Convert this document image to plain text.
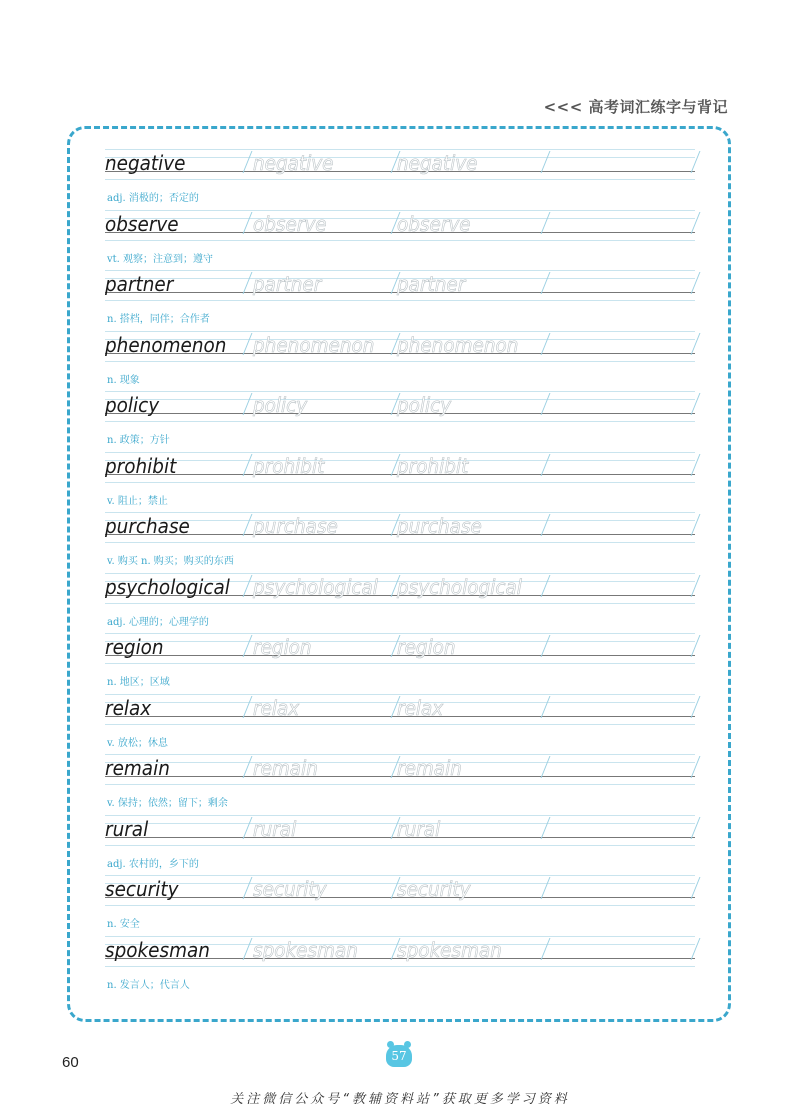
<<< 高考词汇练字与背记
negative	negative	negative
adj. 消极的；否定的
observe	observe	observe
vt. 观察；注意到；遵守
partner	partner	partner
n. 搭档，同伴；合作者
phenomenon phenomenon phenomenon
n. 现象
policy	policy	policy
n. 政策；方针
prohibit	prohibit	prohibit
v. 阻止；禁止
purchase	purchase	purchase
v. 购买 n. 购买；购买的东西
psychological psychological psychological
adj. 心理的；心理学的
region	region	region
n. 地区；区域
relax	relax	relax
v. 放松；休息
remain	remain	remain
v. 保持；依然；留下；剩余
rural	rural	rural
adj. 农村的，乡下的
security	security	security
n. 安全
spokesman spokesman spokesman
n. 发言人；代言人
60	57
关注微信公众号“教辅资料站”获取更多学习资料
